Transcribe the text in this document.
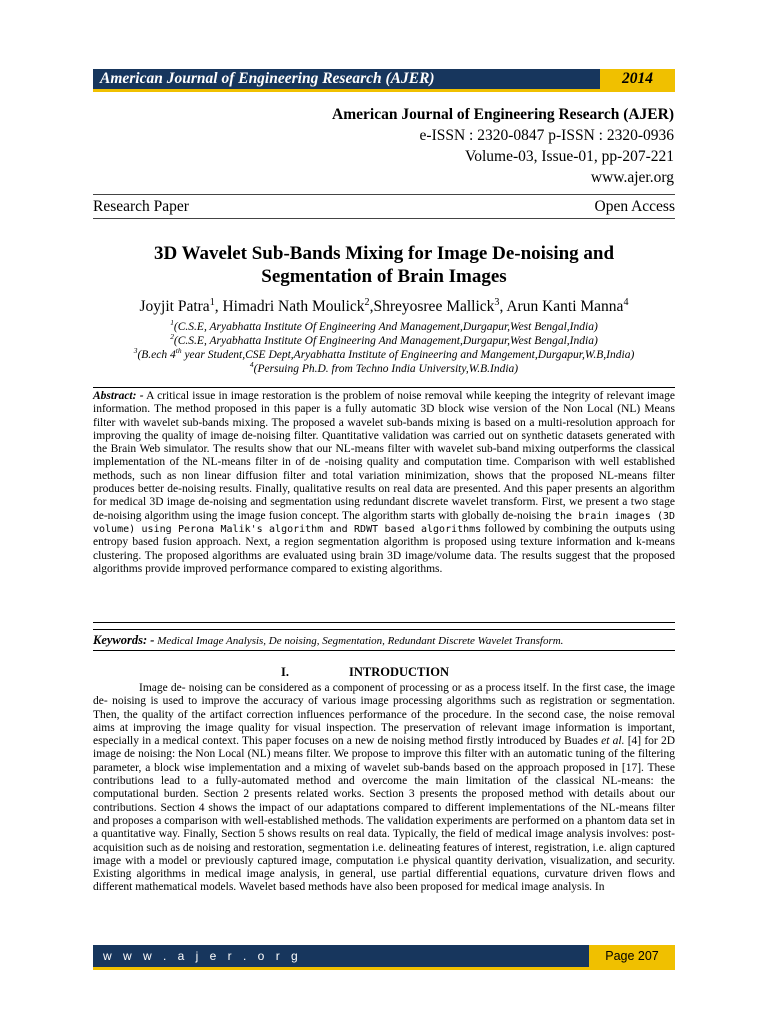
American Journal of Engineering Research (AJER)	2014
American Journal of Engineering Research (AJER)
e-ISSN : 2320-0847 p-ISSN : 2320-0936
Volume-03, Issue-01, pp-207-221
www.ajer.org
Research Paper	Open Access
3D Wavelet Sub-Bands Mixing for Image De-noising and
Segmentation of Brain Images
Joyjit Patra$^1$, Himadri Nath Moulick$^2$,Shreyosree Mallick$^3$, Arun Kanti Manna$^4$
$^1$(C.S.E, Aryabhatta Institute Of Engineering And Management,Durgapur,West Bengal,India)
$^2$(C.S.E, Aryabhatta Institute Of Engineering And Management,Durgapur,West Bengal,India)
$^3$(B.ech 4th year Student,CSE Dept,Aryabhatta Institute of Engineering and Mangement,Durgapur,W.B,India)
$^4$(Persuing Ph.D. from Techno India University,W.B.India)

Abstract: - A critical issue in image restoration is the problem of noise removal while keeping the integrity of relevant image information. The method proposed in this paper is a fully automatic 3D block wise version of the Non Local (NL) Means filter with wavelet sub-bands mixing. The proposed a wavelet sub-bands mixing is based on a multi-resolution approach for improving the quality of image de-noising filter. Quantitative validation was carried out on synthetic datasets generated with the Brain Web simulator. The results show that our NL-means filter with wavelet sub-band mixing outperforms the classical implementation of the NL-means filter in of de -noising quality and computation time. Comparison with well established methods, such as non linear diffusion filter and total variation minimization, shows that the proposed NL-means filter produces better de-noising results. Finally, qualitative results on real data are presented. And this paper presents an algorithm for medical 3D image de-noising and segmentation using redundant discrete wavelet transform. First, we present a two stage de-noising algorithm using the image fusion concept. The algorithm starts with globally de-noising the brain images (3D volume) using Perona Malik's algorithm and RDWT based algorithms followed by combining the outputs using entropy based fusion approach. Next, a region segmentation algorithm is proposed using texture information and k-means clustering. The proposed algorithms are evaluated using brain 3D image/volume data. The results suggest that the proposed algorithms provide improved performance compared to existing algorithms.

Keywords: - Medical Image Analysis, De noising, Segmentation, Redundant Discrete Wavelet Transform.
I.	INTRODUCTION

Image de- noising can be considered as a component of processing or as a process itself. In the first case, the image de- noising is used to improve the accuracy of various image processing algorithms such as registration or segmentation. Then, the quality of the artifact correction influences performance of the procedure. In the second case, the noise removal aims at improving the image quality for visual inspection. The preservation of relevant image information is important, especially in a medical context. This paper focuses on a new de noising method firstly introduced by Buades et al. [4] for 2D image de noising: the Non Local (NL) means filter. We propose to improve this filter with an automatic tuning of the filtering parameter, a block wise implementation and a mixing of wavelet sub-bands based on the approach proposed in [17]. These contributions lead to a fully-automated method and overcome the main limitation of the classical NL-means: the computational burden. Section 2 presents related works. Section 3 presents the proposed method with details about our contributions. Section 4 shows the impact of our adaptations compared to different implementations of the NL-means filter and proposes a comparison with well-established methods. The validation experiments are performed on a phantom data set in a quantitative way. Finally, Section 5 shows results on real data. Typically, the field of medical image analysis involves: post-acquisition such as de noising and restoration, segmentation i.e. delineating features of interest, registration, i.e. align captured image with a model or previously captured image, computation i.e physical quantity derivation, visualization, and security. Existing algorithms in medical image analysis, in general, use partial differential equations, curvature driven flows and different mathematical models. Wavelet based methods have also been proposed for medical image analysis. In

w w w . a j e r . o r g	Page 207
